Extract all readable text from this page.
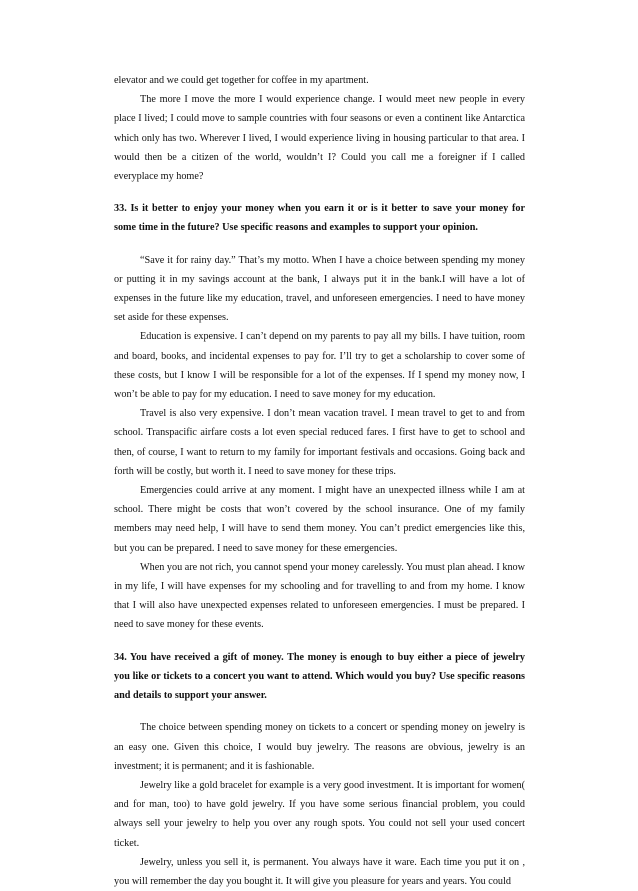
elevator and we could get together for coffee in my apartment.

The more I move the more I would experience change. I would meet new people in every place I lived; I could move to sample countries with four seasons or even a continent like Antarctica which only has two. Wherever I lived, I would experience living in housing particular to that area. I would then be a citizen of the world, wouldn’t I? Could you call me a foreigner if I called everyplace my home?

33. Is it better to enjoy your money when you earn it or is it better to save your money for some time in the future? Use specific reasons and examples to support your opinion.

“Save it for rainy day.” That’s my motto. When I have a choice between spending my money or putting it in my savings account at the bank, I always put it in the bank.I will have a lot of expenses in the future like my education, travel, and unforeseen emergencies. I need to have money set aside for these expenses.

Education is expensive. I can’t depend on my parents to pay all my bills. I have tuition, room and board, books, and incidental expenses to pay for. I’ll try to get a scholarship to cover some of these costs, but I know I will be responsible for a lot of the expenses. If I spend my money now, I won’t be able to pay for my education. I need to save money for my education.

Travel is also very expensive. I don’t mean vacation travel. I mean travel to get to and from school. Transpacific airfare costs a lot even special reduced fares. I first have to get to school and then, of course, I want to return to my family for important festivals and occasions. Going back and forth will be costly, but worth it. I need to save money for these trips.

Emergencies could arrive at any moment. I might have an unexpected illness while I am at school. There might be costs that won’t covered by the school insurance. One of my family members may need help, I will have to send them money. You can’t predict emergencies like this, but you can be prepared. I need to save money for these emergencies.

When you are not rich, you cannot spend your money carelessly. You must plan ahead. I know in my life, I will have expenses for my schooling and for travelling to and from my home. I know that I will also have unexpected expenses related to unforeseen emergencies. I must be prepared. I need to save money for these events.

34. You have received a gift of money. The money is enough to buy either a piece of jewelry you like or tickets to a concert you want to attend. Which would you buy? Use specific reasons and details to support your answer.

The choice between spending money on tickets to a concert or spending money on jewelry is an easy one. Given this choice, I would buy jewelry. The reasons are obvious, jewelry is an investment; it is permanent; and it is fashionable.

Jewelry like a gold bracelet for example is a very good investment. It is important for women( and for man, too) to have gold jewelry. If you have some serious financial problem, you could always sell your jewelry to help you over any rough spots. You could not sell your used concert ticket.

Jewelry, unless you sell it, is permanent. You always have it ware. Each time you put it on , you will remember the day you bought it. It will give you pleasure for years and years. You could
